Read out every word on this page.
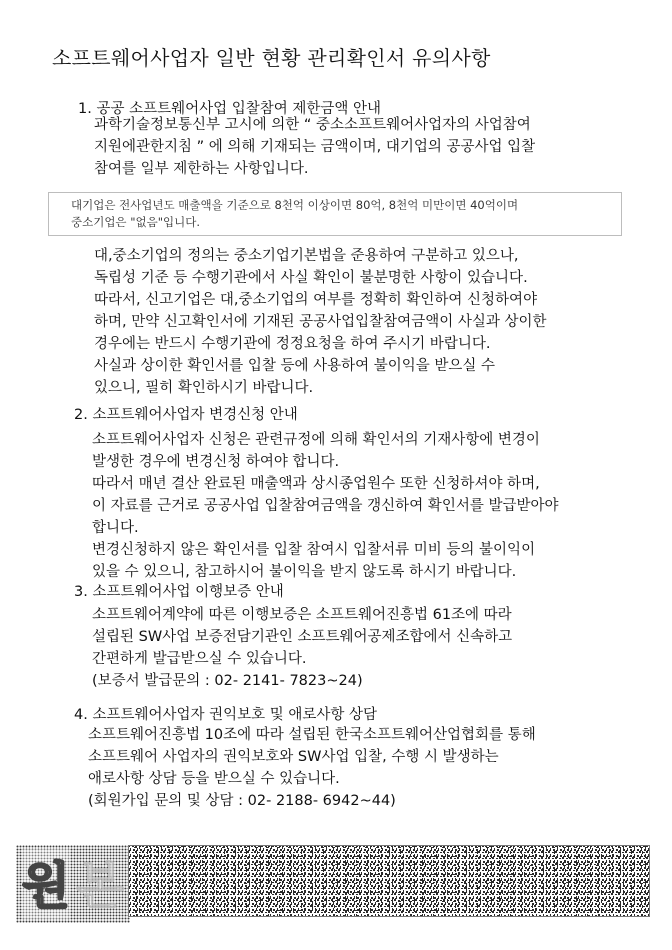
소프트웨어사업자 일반 현황 관리확인서 유의사항
1. 공공 소프트웨어사업 입찰참여 제한금액 안내
과학기술정보통신부 고시에 의한 “ 중소소프트웨어사업자의 사업참여
지원에관한지침 ” 에 의해 기재되는 금액이며, 대기업의 공공사업 입찰
참여를 일부 제한하는 사항입니다.
대기업은 전사업년도 매출액을 기준으로 8천억 이상이면 80억, 8천억 미만이면 40억이며
중소기업은 "없음"입니다.
대,중소기업의 정의는 중소기업기본법을 준용하여 구분하고 있으나,
독립성 기준 등 수행기관에서 사실 확인이 불분명한 사항이 있습니다.
따라서, 신고기업은 대,중소기업의 여부를 정확히 확인하여 신청하여야
하며, 만약 신고확인서에 기재된 공공사업입찰참여금액이 사실과 상이한
경우에는 반드시 수행기관에 정정요청을 하여 주시기 바랍니다.
사실과 상이한 확인서를 입찰 등에 사용하여 불이익을 받으실 수
있으니, 필히 확인하시기 바랍니다.
2. 소프트웨어사업자 변경신청 안내
소프트웨어사업자 신청은 관련규정에 의해 확인서의 기재사항에 변경이
발생한 경우에 변경신청 하여야 합니다.
따라서 매년 결산 완료된 매출액과 상시종업원수 또한 신청하셔야 하며,
이 자료를 근거로 공공사업 입찰참여금액을 갱신하여 확인서를 발급받아야
합니다.
변경신청하지 않은 확인서를 입찰 참여시 입찰서류 미비 등의 불이익이
있을 수 있으니, 참고하시어 불이익을 받지 않도록 하시기 바랍니다.
3. 소프트웨어사업 이행보증 안내
소프트웨어계약에 따른 이행보증은 소프트웨어진흥법 61조에 따라
설립된 SW사업 보증전담기관인 소프트웨어공제조합에서 신속하고
간편하게 발급받으실 수 있습니다.
(보증서 발급문의 : 02- 2141- 7823~24)
4. 소프트웨어사업자 권익보호 및 애로사항 상담
소프트웨어진흥법 10조에 따라 설립된 한국소프트웨어산업협회를 통해
소프트웨어 사업자의 권익보호와 SW사업 입찰, 수행 시 발생하는
애로사항 상담 등을 받으실 수 있습니다.
(회원가입 문의 및 상담 : 02- 2188- 6942~44)
원 본
